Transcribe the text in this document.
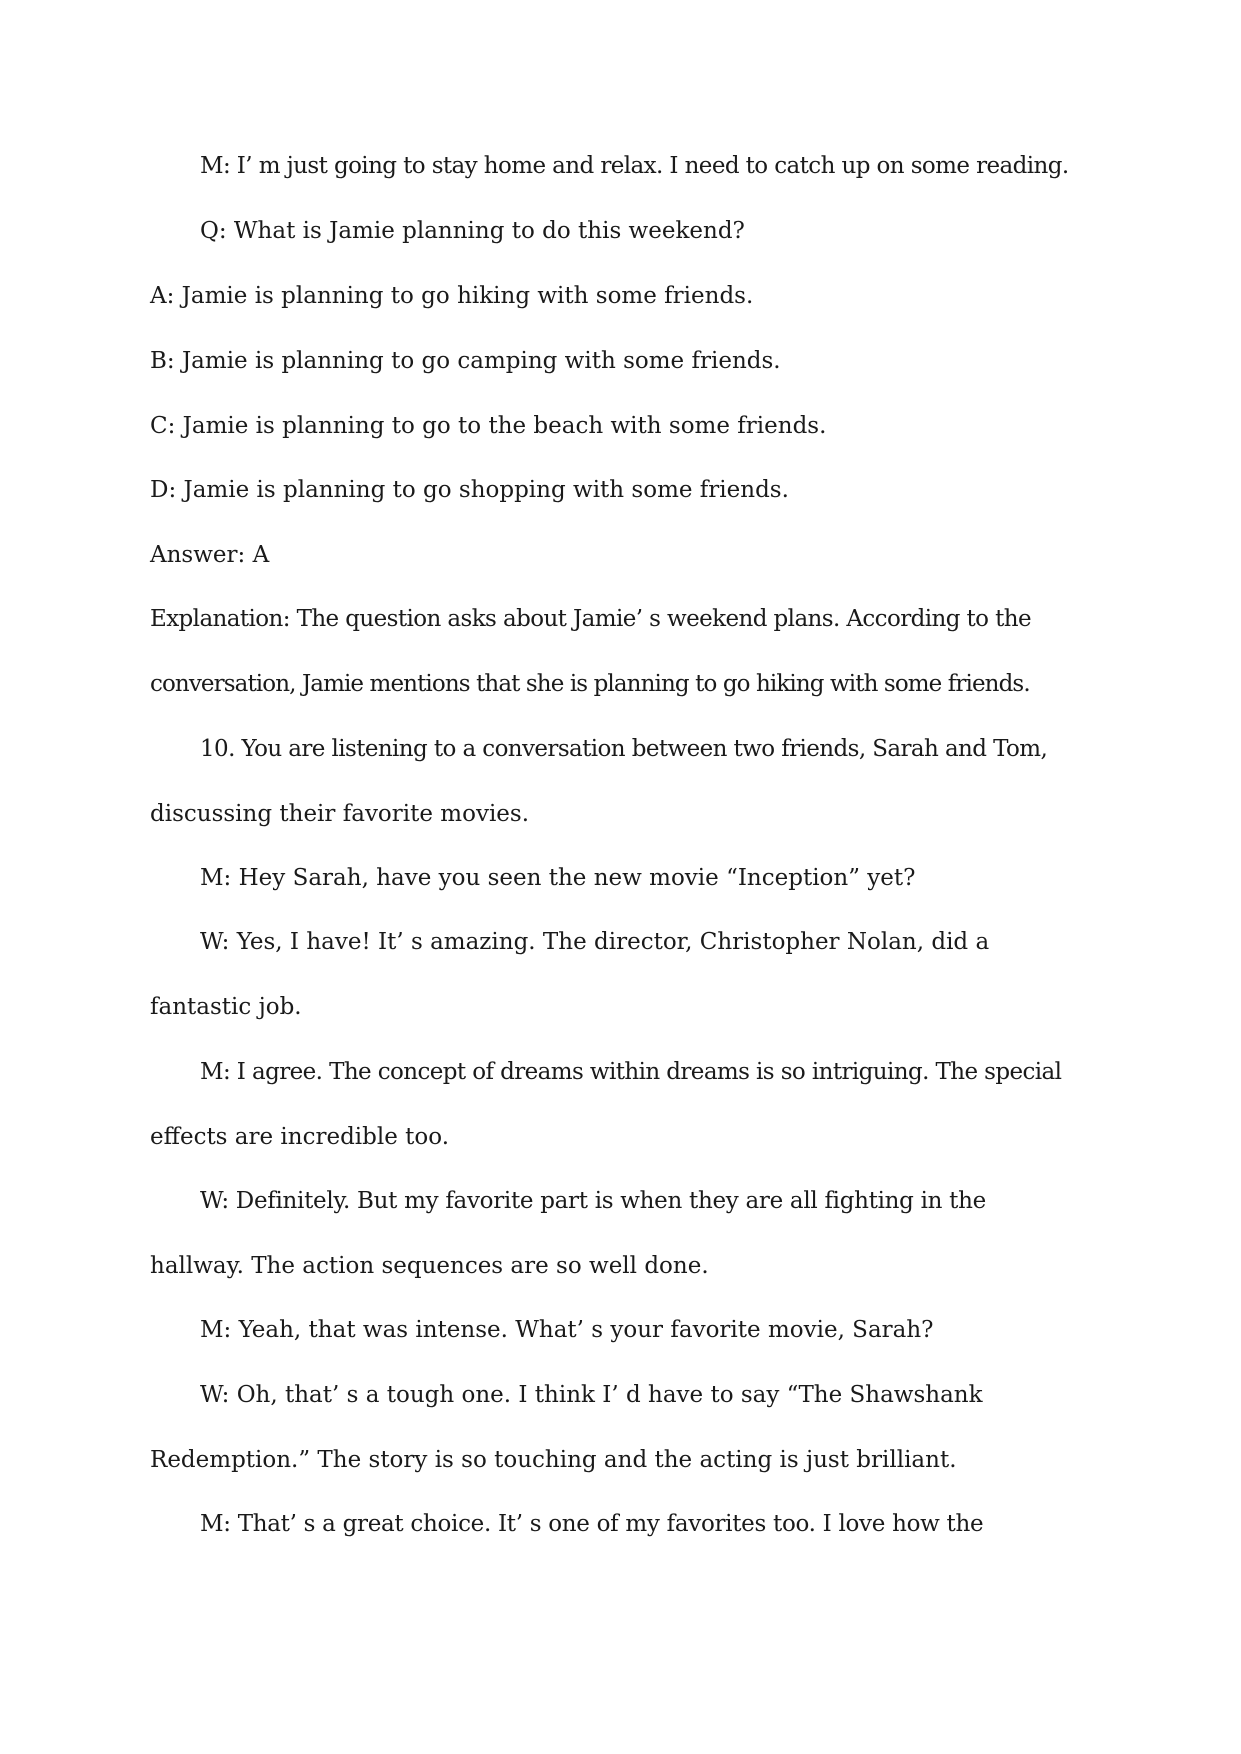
M: I’ m just going to stay home and relax. I need to catch up on some reading.

Q: What is Jamie planning to do this weekend?

A: Jamie is planning to go hiking with some friends.

B: Jamie is planning to go camping with some friends.

C: Jamie is planning to go to the beach with some friends.

D: Jamie is planning to go shopping with some friends.

Answer: A

Explanation: The question asks about Jamie’ s weekend plans. According to the

conversation, Jamie mentions that she is planning to go hiking with some friends.

10. You are listening to a conversation between two friends, Sarah and Tom,

discussing their favorite movies.

M: Hey Sarah, have you seen the new movie “Inception” yet?

W: Yes, I have! It’ s amazing. The director, Christopher Nolan, did a

fantastic job.

M: I agree. The concept of dreams within dreams is so intriguing. The special

effects are incredible too.

W: Definitely. But my favorite part is when they are all fighting in the

hallway. The action sequences are so well done.

M: Yeah, that was intense. What’ s your favorite movie, Sarah?

W: Oh, that’ s a tough one. I think I’ d have to say “The Shawshank

Redemption.” The story is so touching and the acting is just brilliant.

M: That’ s a great choice. It’ s one of my favorites too. I love how the
